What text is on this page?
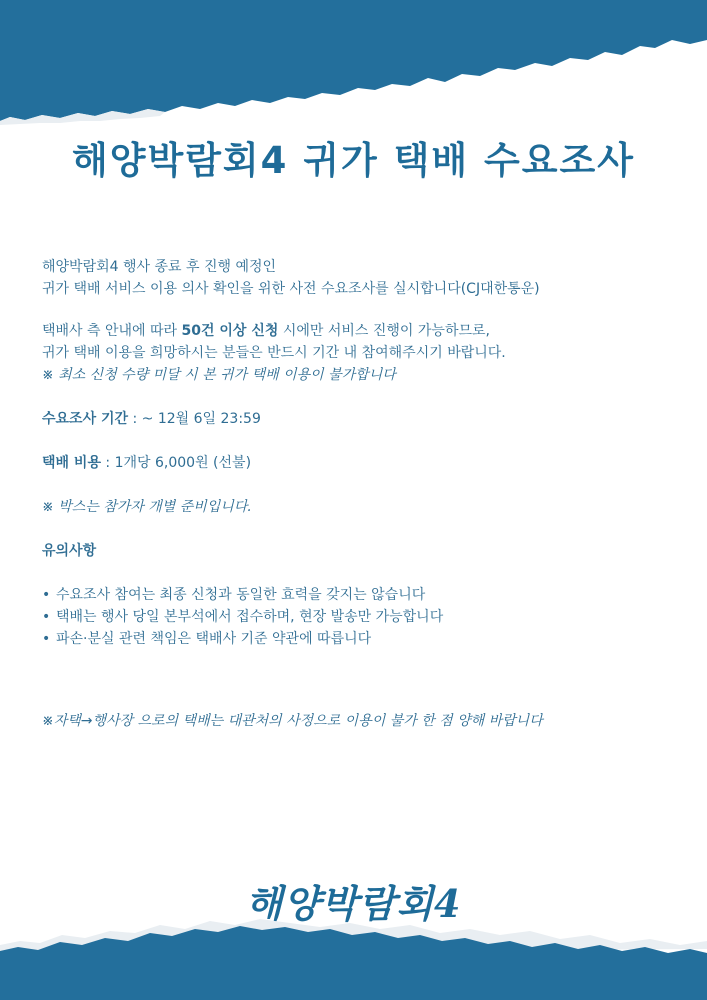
해양박람회4 귀가 택배 수요조사

해양박람회4 행사 종료 후 진행 예정인

귀가 택배 서비스 이용 의사 확인을 위한 사전 수요조사를 실시합니다(CJ대한통운)

택배사 측 안내에 따라 50건 이상 신청 시에만 서비스 진행이 가능하므로,

귀가 택배 이용을 희망하시는 분들은 반드시 기간 내 참여해주시기 바랍니다.

※ 최소 신청 수량 미달 시 본 귀가 택배 이용이 불가합니다

수요조사 기간 : ~ 12월 6일 23:59

택배 비용 : 1개당 6,000원 (선불)

※ 박스는 참가자 개별 준비입니다.

유의사항

• 수요조사 참여는 최종 신청과 동일한 효력을 갖지는 않습니다
• 택배는 행사 당일 본부석에서 접수하며, 현장 발송만 가능합니다
• 파손·분실 관련 책임은 택배사 기준 약관에 따릅니다

※자택→행사장 으로의 택배는 대관처의 사정으로 이용이 불가 한 점 양해 바랍니다

해양박람회4
